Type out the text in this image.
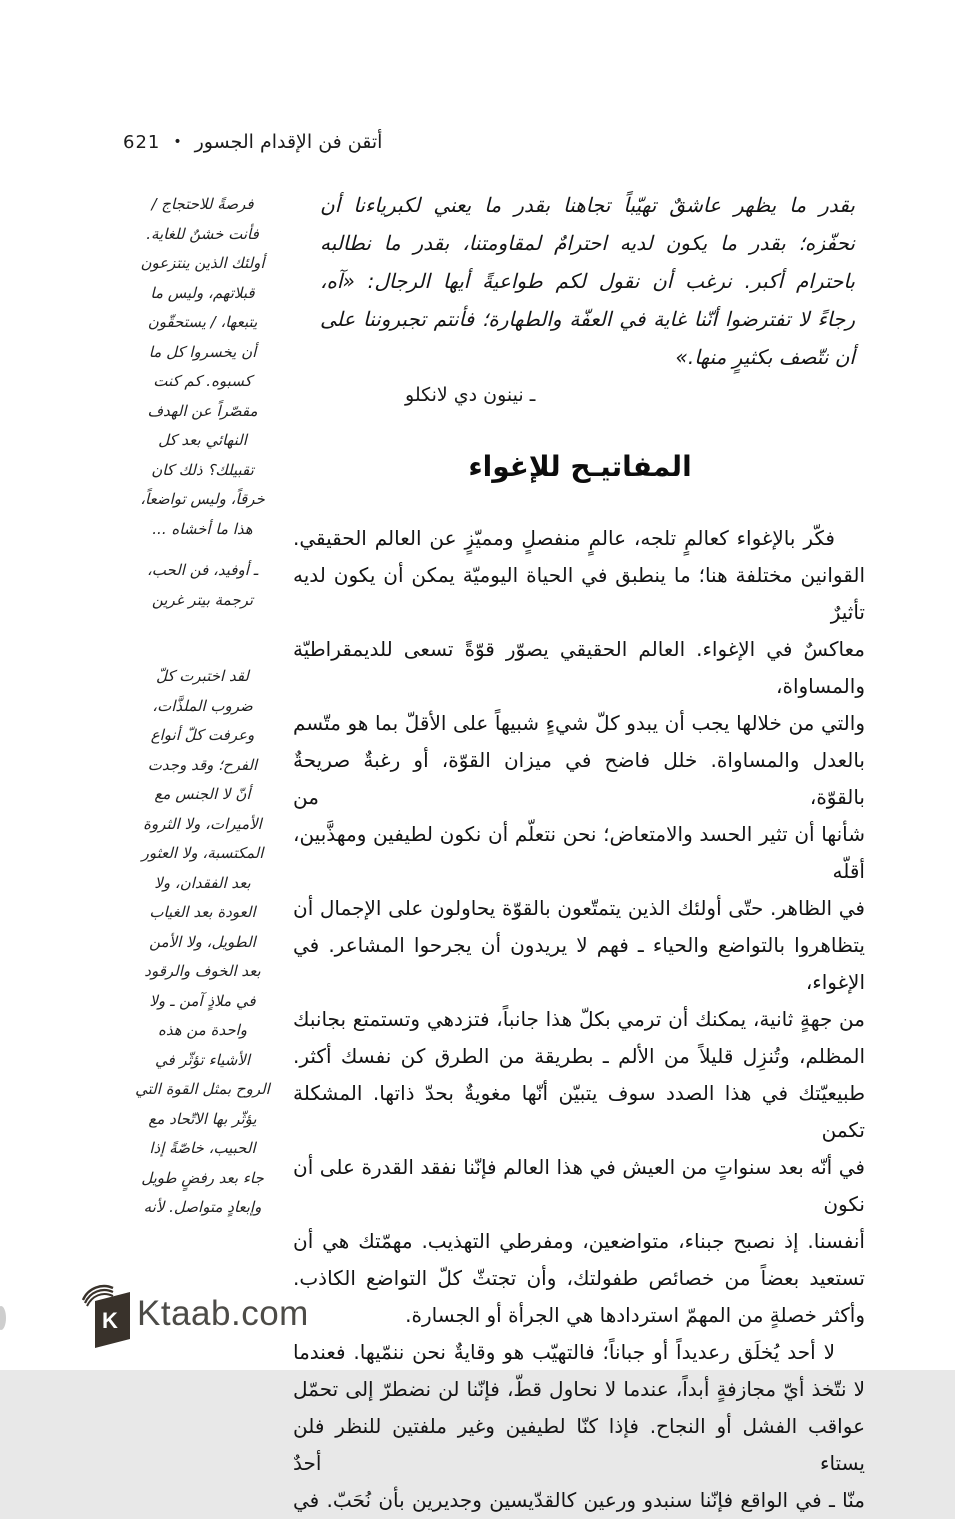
أتقن فن الإقدام الجسور
•
621
بقدر ما يظهر عاشقٌ تهيّباً تجاهنا بقدر ما يعني لكبرياءنا أن
نحفّزه؛ بقدر ما يكون لديه احترامٌ لمقاومتنا، بقدر ما نطالبه
باحترام أكبر. نرغب أن نقول لكم طواعيةً أيها الرجال: «آه،
رجاءً لا تفترضوا أنّنا غاية في العفّة والطهارة؛ فأنتم تجبروننا على
أن نتّصف بكثيرٍ منها.»
ـ نينون دي لانكلو
المفاتيـح للإغواء
فكّر بالإغواء كعالمٍ تلجه، عالمٍ منفصلٍ ومميّزٍ عن العالم الحقيقي.
القوانين مختلفة هنا؛ ما ينطبق في الحياة اليوميّة يمكن أن يكون لديه تأثيرٌ
معاكسٌ في الإغواء. العالم الحقيقي يصوّر قوّةً تسعى للديمقراطيّة والمساواة،
والتي من خلالها يجب أن يبدو كلّ شيءٍ شبيهاً على الأقلّ بما هو متّسم
بالعدل والمساواة. خلل فاضح في ميزان القوّة، أو رغبةٌ صريحةٌ بالقوّة، من
شأنها أن تثير الحسد والامتعاض؛ نحن نتعلّم أن نكون لطيفين ومهذَّبين، أقلّه
في الظاهر. حتّى أولئك الذين يتمتّعون بالقوّة يحاولون على الإجمال أن
يتظاهروا بالتواضع والحياء ـ فهم لا يريدون أن يجرحوا المشاعر. في الإغواء،
من جهةٍ ثانية، يمكنك أن ترمي بكلّ هذا جانباً، فتزدهي وتستمتع بجانبك
المظلم، وتُنزِل قليلاً من الألم ـ بطريقة من الطرق كن نفسك أكثر.
طبيعيّتك في هذا الصدد سوف يتبيّن أنّها مغويةٌ بحدّ ذاتها. المشكلة تكمن
في أنّه بعد سنواتٍ من العيش في هذا العالم فإنّنا نفقد القدرة على أن نكون
أنفسنا. إذ نصبح جبناء، متواضعين، ومفرطي التهذيب. مهمّتك هي أن
تستعيد بعضاً من خصائص طفولتك، وأن تجتثّ كلّ التواضع الكاذب.
وأكثر خصلةٍ من المهمّ استردادها هي الجرأة أو الجسارة.
لا أحد يُخلَق رعديداً أو جباناً؛ فالتهيّب هو وقايةٌ نحن ننمّيها. فعندما
لا نتّخذ أيّ مجازفةٍ أبداً، عندما لا نحاول قطّ، فإنّنا لن نضطرّ إلى تحمّل
عواقب الفشل أو النجاح. فإذا كنّا لطيفين وغير ملفتين للنظر فلن يستاء أحدٌ
منّا ـ في الواقع فإنّنا سنبدو ورعين كالقدّيسين وجديرين بأن نُحَبّ. في
فرصةً للاحتجاج /
فأنت خشنٌ للغاية.
أولئك الذين ينتزعون
قبلاتهم، وليس ما
يتبعها، / يستحقّون
أن يخسروا كل ما
كسبوه. كم كنت
مقصّراً عن الهدف
النهائي بعد كل
تقبيلك؟ ذلك كان
خرقاً، وليس تواضعاً،
هذا ما أخشاه ...
ـ أوفيد، فن الحب،
ترجمة بيتر غرين
لقد اختبرت كلّ
ضروب الملذَّات،
وعرفت كلّ أنواع
الفرح؛ وقد وجدت
أنّ لا الجنس مع
الأميرات، ولا الثروة
المكتسبة، ولا العثور
بعد الفقدان، ولا
العودة بعد الغياب
الطويل، ولا الأمن
بعد الخوف والرقود
في ملاذٍ آمن ـ ولا
واحدة من هذه
الأشياء تؤثّر في
الروح بمثل القوة التي
يؤثّر بها الاتّحاد مع
الحبيب، خاصّةً إذا
جاء بعد رفضٍ طويل
وإبعادٍ متواصل. لأنه
K Ktaab.com
